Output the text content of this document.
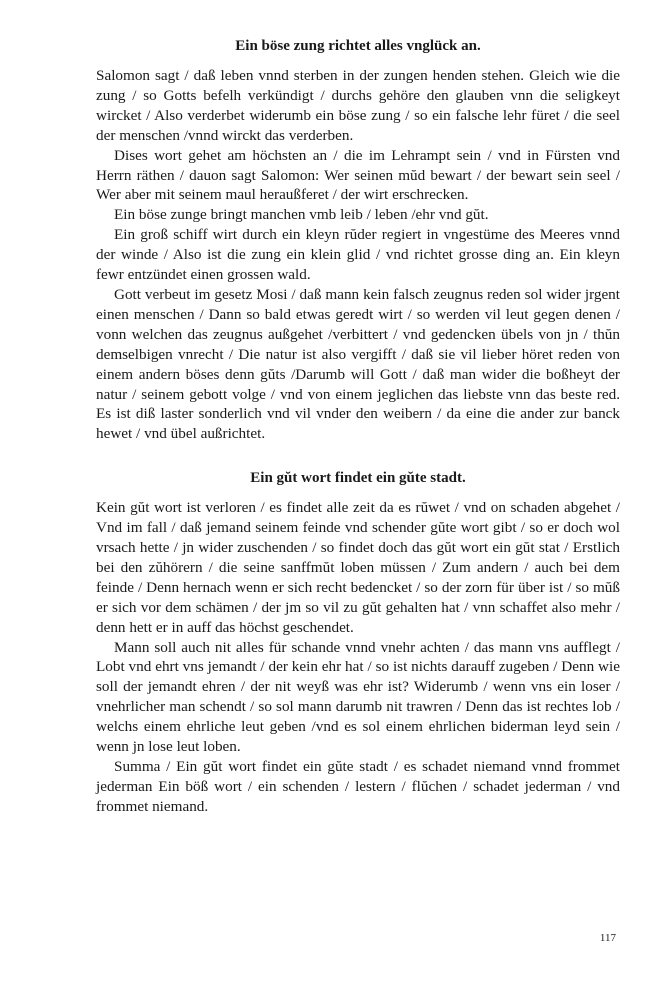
Ein böse zung richtet alles vnglück an.

Salomon sagt / daß leben vnnd sterben in der zungen henden stehen. Gleich wie die zung / so Gotts befelh verkündigt / durchs gehöre den glauben vnn die seligkeyt wircket / Also verderbet widerumb ein böse zung / so ein falsche lehr füret / die seel der menschen /vnnd wirckt das verderben.

Dises wort gehet am höchsten an / die im Lehrampt sein / vnd in Fürsten vnd Herrn räthen / dauon sagt Salomon: Wer seinen mŭd bewart / der bewart sein seel / Wer aber mit seinem maul heraußferet / der wirt erschrecken.

Ein böse zunge bringt manchen vmb leib / leben /ehr vnd gŭt.

Ein groß schiff wirt durch ein kleyn rŭder regiert in vngestüme des Meeres vnnd der winde / Also ist die zung ein klein glid / vnd richtet grosse ding an. Ein kleyn fewr entzündet einen grossen wald.

Gott verbeut im gesetz Mosi / daß mann kein falsch zeugnus reden sol wider jrgent einen menschen / Dann so bald etwas geredt wirt / so werden vil leut gegen denen / vonn welchen das zeugnus außgehet /verbittert / vnd gedencken übels von jn / thŭn demselbigen vnrecht / Die natur ist also vergifft / daß sie vil lieber höret reden von einem andern böses denn gŭts /Darumb will Gott / daß man wider die boßheyt der natur / seinem gebott volge / vnd von einem jeglichen das liebste vnn das beste red. Es ist diß laster sonderlich vnd vil vnder den weibern / da eine die ander zur banck hewet / vnd übel außrichtet.

Ein gŭt wort findet ein gŭte stadt.

Kein gŭt wort ist verloren / es findet alle zeit da es rŭwet / vnd on schaden abgehet / Vnd im fall / daß jemand seinem feinde vnd schender gŭte wort gibt / so er doch wol vrsach hette / jn wider zuschenden / so findet doch das gŭt wort ein gŭt stat / Erstlich bei den zŭhörern / die seine sanffmŭt loben müssen / Zum andern / auch bei dem feinde / Denn hernach wenn er sich recht bedencket / so der zorn für über ist / so mŭß er sich vor dem schämen / der jm so vil zu gŭt gehalten hat / vnn schaffet also mehr / denn hett er in auff das höchst geschendet.

Mann soll auch nit alles für schande vnnd vnehr achten / das mann vns aufflegt / Lobt vnd ehrt vns jemandt / der kein ehr hat / so ist nichts darauff zugeben / Denn wie soll der jemandt ehren / der nit weyß was ehr ist? Widerumb / wenn vns ein loser / vnehrlicher man schendt / so sol mann darumb nit trawren / Denn das ist rechtes lob / welchs einem ehrliche leut geben /vnd es sol einem ehrlichen biderman leyd sein / wenn jn lose leut loben.

Summa / Ein gŭt wort findet ein gŭte stadt / es schadet niemand vnnd frommet jederman Ein böß wort / ein schenden / lestern / flŭchen / schadet jederman / vnd frommet niemand.

117
